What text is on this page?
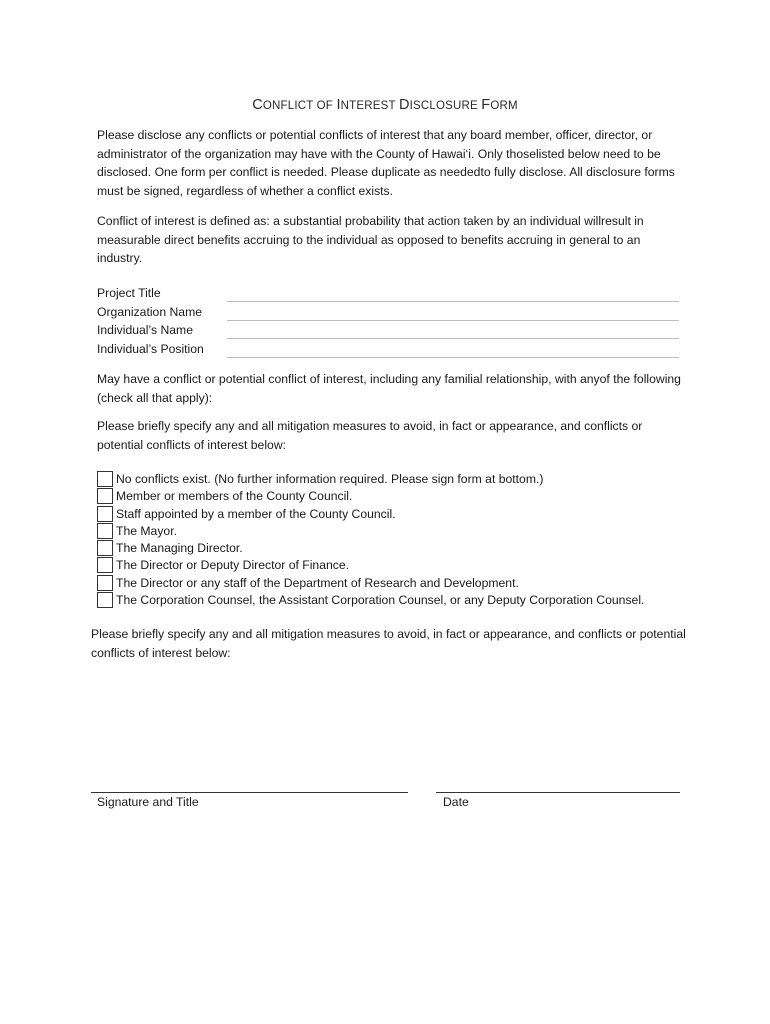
CONFLICT OF INTEREST DISCLOSURE FORM

Please disclose any conflicts or potential conflicts of interest that any board member, officer, director, or administrator of the organization may have with the County of Hawai‘i. Only thoselisted below need to be disclosed. One form per conflict is needed. Please duplicate as neededto fully disclose. All disclosure forms must be signed, regardless of whether a conflict exists.

Conflict of interest is defined as: a substantial probability that action taken by an individual willresult in measurable direct benefits accruing to the individual as opposed to benefits accruing in general to an industry.

Project Title
Organization Name
Individual’s Name
Individual’s Position

May have a conflict or potential conflict of interest, including any familial relationship, with anyof the following (check all that apply):

Please briefly specify any and all mitigation measures to avoid, in fact or appearance, and conflicts or potential conflicts of interest below:

No conflicts exist. (No further information required. Please sign form at bottom.)
Member or members of the County Council.
Staff appointed by a member of the County Council.
The Mayor.
The Managing Director.
The Director or Deputy Director of Finance.
The Director or any staff of the Department of Research and Development.
The Corporation Counsel, the Assistant Corporation Counsel, or any Deputy Corporation Counsel.

Please briefly specify any and all mitigation measures to avoid, in fact or appearance, and conflicts or potential conflicts of interest below:

Signature and Title	Date
